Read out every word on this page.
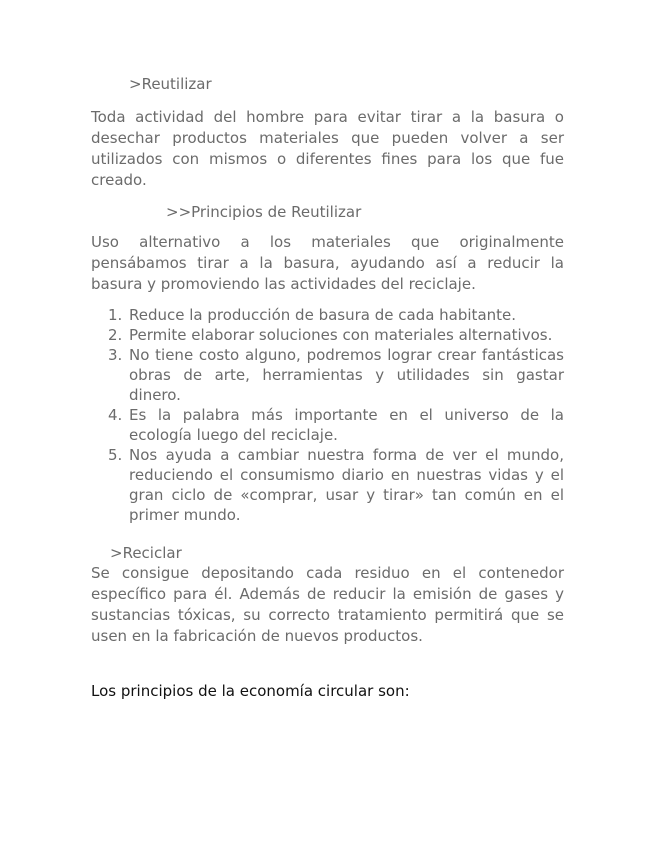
>Reutilizar

Toda actividad del hombre para evitar tirar a la basura o desechar productos materiales que pueden volver a ser utilizados con mismos o diferentes fines para los que fue creado.

>>Principios de Reutilizar

Uso alternativo a los materiales que originalmente pensábamos tirar a la basura, ayudando así a reducir la basura y promoviendo las actividades del reciclaje.

1. Reduce la producción de basura de cada habitante.
2. Permite elaborar soluciones con materiales alternativos.
3. No tiene costo alguno, podremos lograr crear fantásticas obras de arte, herramientas y utilidades sin gastar dinero.
4. Es la palabra más importante en el universo de la ecología luego del reciclaje.
5. Nos ayuda a cambiar nuestra forma de ver el mundo, reduciendo el consumismo diario en nuestras vidas y el gran ciclo de «comprar, usar y tirar» tan común en el primer mundo.

>Reciclar

Se consigue depositando cada residuo en el contenedor específico para él. Además de reducir la emisión de gases y sustancias tóxicas, su correcto tratamiento permitirá que se usen en la fabricación de nuevos productos.

Los principios de la economía circular son:
